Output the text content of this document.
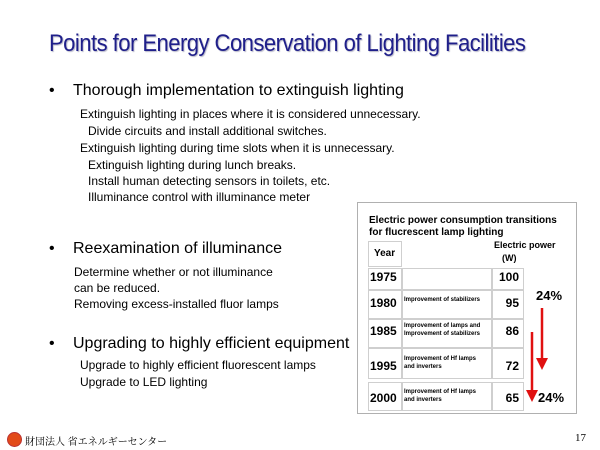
Points for Energy Conservation of Lighting Facilities
• Thorough implementation to extinguish lighting
Extinguish lighting in places where it is considered unnecessary.
Divide circuits and install additional switches.
Extinguish lighting during time slots when it is unnecessary.
Extinguish lighting during lunch breaks.
Install human detecting sensors in toilets, etc.
Illuminance control with illuminance meter
• Reexamination of illuminance
Determine whether or not illuminance
can be reduced.
Removing excess-installed fluor lamps
• Upgrading to highly efficient equipment
Upgrade to highly efficient fluorescent lamps
Upgrade to LED lighting
Electric power consumption transitions
for flucrescent lamp lighting
Year
Electric power
(W)
1975	100
1980 Improvement of stabilizers	95
1985 Improvement of lamps and
Improvement of stabilizers	86
1995 Improvement of Hf lamps
and inverters	72
2000 Improvement of Hf lamps
and inverters	65
24%
24%
財団法人 省エネルギーセンター	17
